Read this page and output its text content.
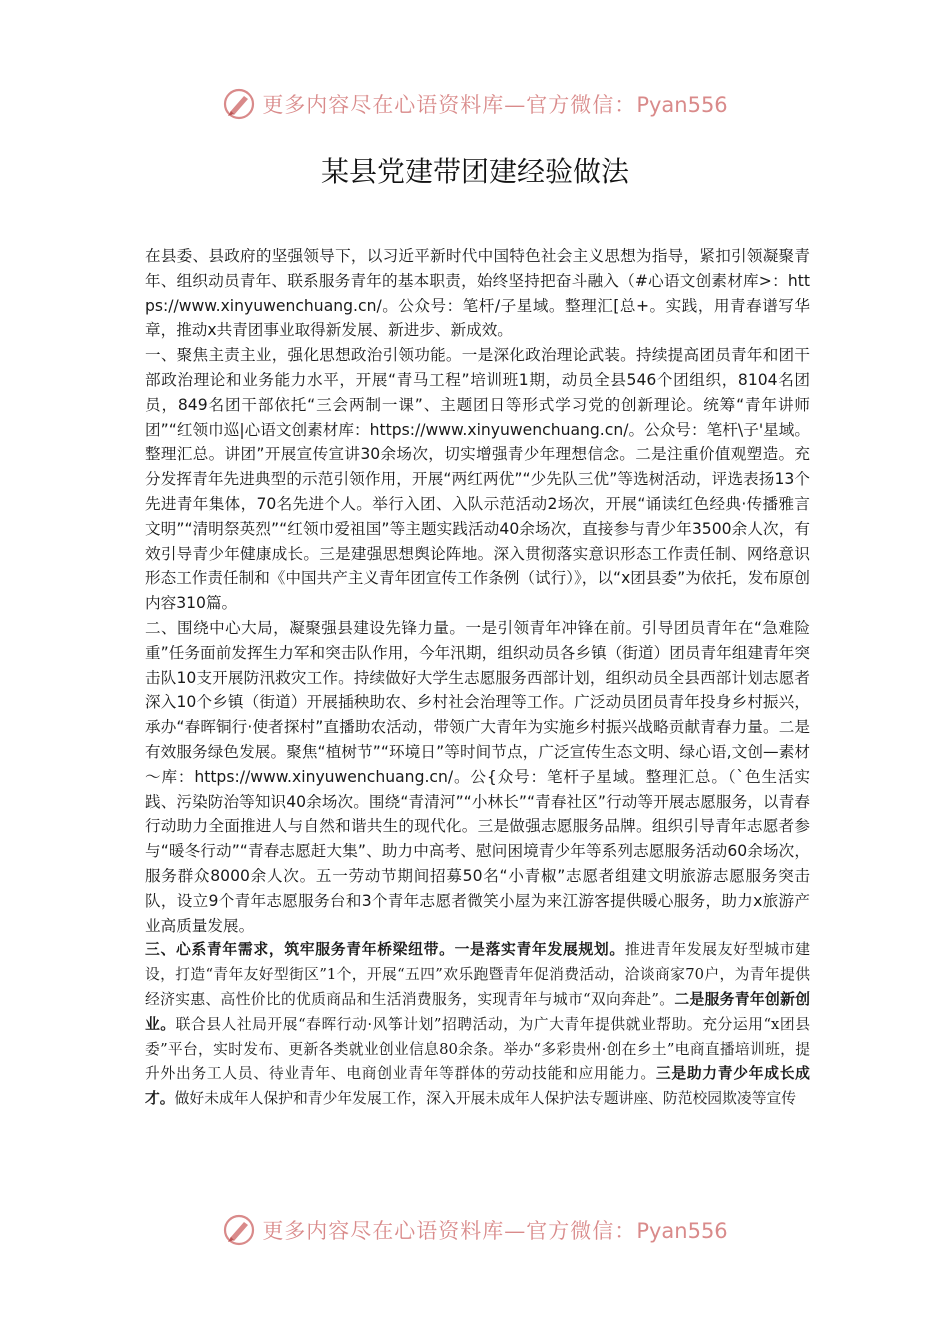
更多内容尽在心语资料库—官方微信：Pyan556
某县党建带团建经验做法

在县委、县政府的坚强领导下，以习近平新时代中国特色社会主义思想为指导，紧扣引领凝聚青年、组织动员青年、联系服务青年的基本职责，始终坚持把奋斗融入（#心语文创素材库>：https://www.xinyuwenchuang.cn/。公众号：笔杆/子星域。整理汇[总+。实践，用青春谱写华章，推动x共青团事业取得新发展、新进步、新成效。

一、聚焦主责主业，强化思想政治引领功能。一是深化政治理论武装。持续提高团员青年和团干部政治理论和业务能力水平，开展“青马工程”培训班1期，动员全县546个团组织，8104名团员，849名团干部依托“三会两制一课”、主题团日等形式学习党的创新理论。统筹“青年讲师团”“红领巾巡|心语文创素材库：https://www.xinyuwenchuang.cn/。公众号：笔杆\子'星域。整理汇总。讲团”开展宣传宣讲30余场次，切实增强青少年理想信念。二是注重价值观塑造。充分发挥青年先进典型的示范引领作用，开展“两红两优”“少先队三优”等选树活动，评选表扬13个先进青年集体，70名先进个人。举行入团、入队示范活动2场次，开展“诵读红色经典·传播雅言文明”“清明祭英烈”“红领巾爱祖国”等主题实践活动40余场次，直接参与青少年3500余人次，有效引导青少年健康成长。三是建强思想舆论阵地。深入贯彻落实意识形态工作责任制、网络意识形态工作责任制和《中国共产主义青年团宣传工作条例（试行）》，以“x团县委”为依托，发布原创内容310篇。

二、围绕中心大局，凝聚强县建设先锋力量。一是引领青年冲锋在前。引导团员青年在“急难险重”任务面前发挥生力军和突击队作用，今年汛期，组织动员各乡镇（街道）团员青年组建青年突击队10支开展防汛救灾工作。持续做好大学生志愿服务西部计划，组织动员全县西部计划志愿者深入10个乡镇（街道）开展插秧助农、乡村社会治理等工作。广泛动员团员青年投身乡村振兴，承办“春晖铜行·使者探村”直播助农活动，带领广大青年为实施乡村振兴战略贡献青春力量。二是有效服务绿色发展。聚焦“植树节”“环境日”等时间节点，广泛宣传生态文明、绿心语,文创—素材～库：https://www.xinyuwenchuang.cn/。公{众号：笔杆子星域。整理汇总。（`色生活实践、污染防治等知识40余场次。围绕“青清河”“小林长”“青春社区”行动等开展志愿服务，以青春行动助力全面推进人与自然和谐共生的现代化。三是做强志愿服务品牌。组织引导青年志愿者参与“暖冬行动”“青春志愿赶大集”、助力中高考、慰问困境青少年等系列志愿服务活动60余场次，服务群众8000余人次。五一劳动节期间招募50名“小青椒”志愿者组建文明旅游志愿服务突击队，设立9个青年志愿服务台和3个青年志愿者微笑小屋为来江游客提供暖心服务，助力x旅游产业高质量发展。

三、心系青年需求，筑牢服务青年桥梁纽带。一是落实青年发展规划。推进青年发展友好型城市建设，打造“青年友好型街区”1个，开展“五四”欢乐跑暨青年促消费活动，洽谈商家70户，为青年提供经济实惠、高性价比的优质商品和生活消费服务，实现青年与城市“双向奔赴”。二是服务青年创新创业。联合县人社局开展“春晖行动·风筝计划”招聘活动，为广大青年提供就业帮助。充分运用“x团县委”平台，实时发布、更新各类就业创业信息80余条。举办“多彩贵州·创在乡土”电商直播培训班，提升外出务工人员、待业青年、电商创业青年等群体的劳动技能和应用能力。三是助力青少年成长成才。做好未成年人保护和青少年发展工作，深入开展未成年人保护法专题讲座、防范校园欺凌等宣传

更多内容尽在心语资料库—官方微信：Pyan556
